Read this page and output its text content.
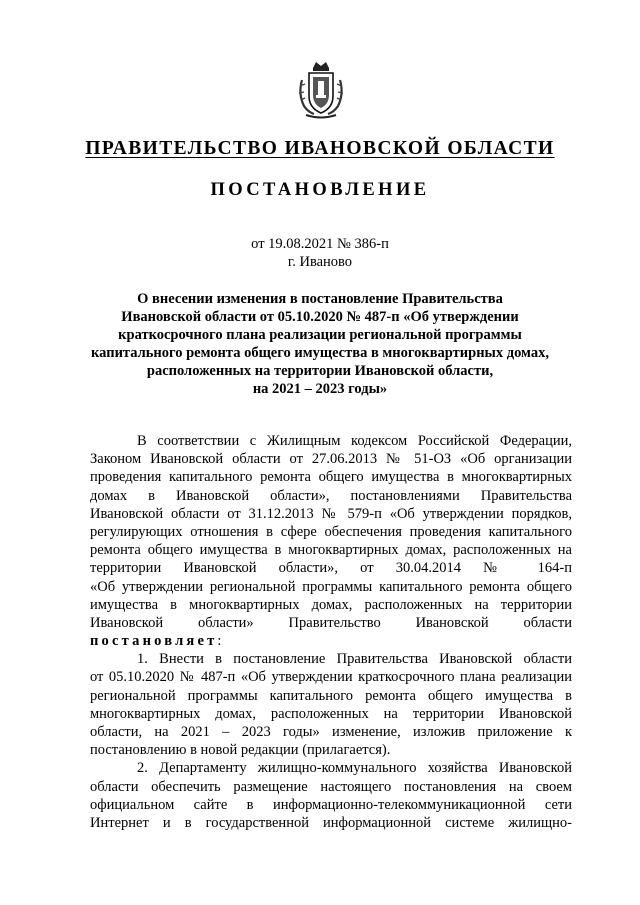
ПРАВИТЕЛЬСТВО ИВАНОВСКОЙ ОБЛАСТИ
ПОСТАНОВЛЕНИЕ
от 19.08.2021 № 386-п
г. Иваново
О внесении изменения в постановление Правительства
Ивановской области от 05.10.2020 № 487-п «Об утверждении
краткосрочного плана реализации региональной программы
капитального ремонта общего имущества в многоквартирных домах,
расположенных на территории Ивановской области,
на 2021 – 2023 годы»
В соответствии с Жилищным кодексом Российской Федерации,
Законом Ивановской области от 27.06.2013 № 51-ОЗ «Об организации
проведения капитального ремонта общего имущества в многоквартирных
домах в Ивановской области», постановлениями Правительства
Ивановской области от 31.12.2013 № 579-п «Об утверждении порядков,
регулирующих отношения в сфере обеспечения проведения капитального
ремонта общего имущества в многоквартирных домах, расположенных на
территории Ивановской области», от 30.04.2014 № 164-п
«Об утверждении региональной программы капитального ремонта общего
имущества в многоквартирных домах, расположенных на территории
Ивановской области» Правительство Ивановской области
постановляет:
1. Внести в постановление Правительства Ивановской области
от 05.10.2020 № 487-п «Об утверждении краткосрочного плана реализации
региональной программы капитального ремонта общего имущества в
многоквартирных домах, расположенных на территории Ивановской
области, на 2021 – 2023 годы» изменение, изложив приложение к
постановлению в новой редакции (прилагается).
2. Департаменту жилищно-коммунального хозяйства Ивановской
области обеспечить размещение настоящего постановления на своем
официальном сайте в информационно-телекоммуникационной сети
Интернет и в государственной информационной системе жилищно-
